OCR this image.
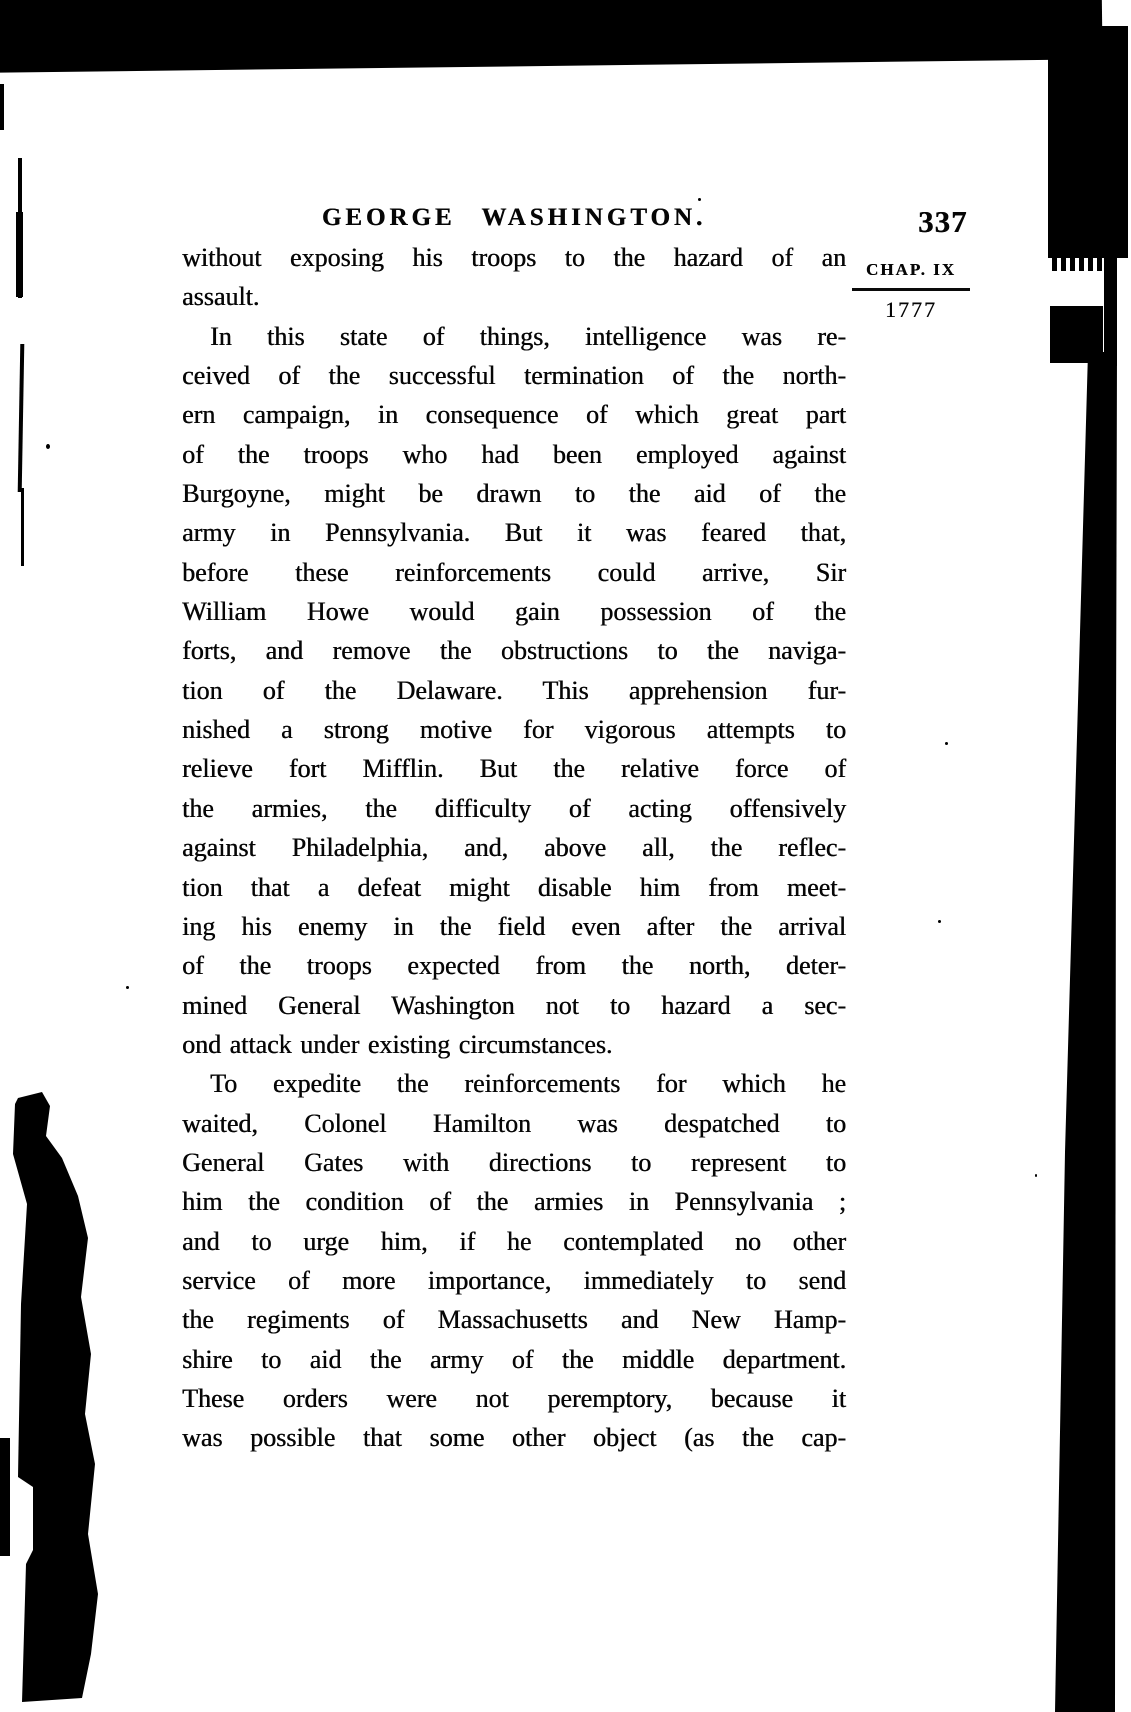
GEORGE WASHINGTON.	337
CHAP. IX
1777
without exposing his troops to the hazard of an
assault.
In this state of things, intelligence was re-
ceived of the successful termination of the north-
ern campaign, in consequence of which great part
of the troops who had been employed against
Burgoyne, might be drawn to the aid of the
army in Pennsylvania. But it was feared that,
before these reinforcements could arrive, Sir
William Howe would gain possession of the
forts, and remove the obstructions to the naviga-
tion of the Delaware. This apprehension fur-
nished a strong motive for vigorous attempts to
relieve fort Mifflin. But the relative force of
the armies, the difficulty of acting offensively
against Philadelphia, and, above all, the reflec-
tion that a defeat might disable him from meet-
ing his enemy in the field even after the arrival
of the troops expected from the north, deter-
mined General Washington not to hazard a sec-
ond attack under existing circumstances.
To expedite the reinforcements for which he
waited, Colonel Hamilton was despatched to
General Gates with directions to represent to
him the condition of the armies in Pennsylvania ;
and to urge him, if he contemplated no other
service of more importance, immediately to send
the regiments of Massachusetts and New Hamp-
shire to aid the army of the middle department.
These orders were not peremptory, because it
was possible that some other object (as the cap-
